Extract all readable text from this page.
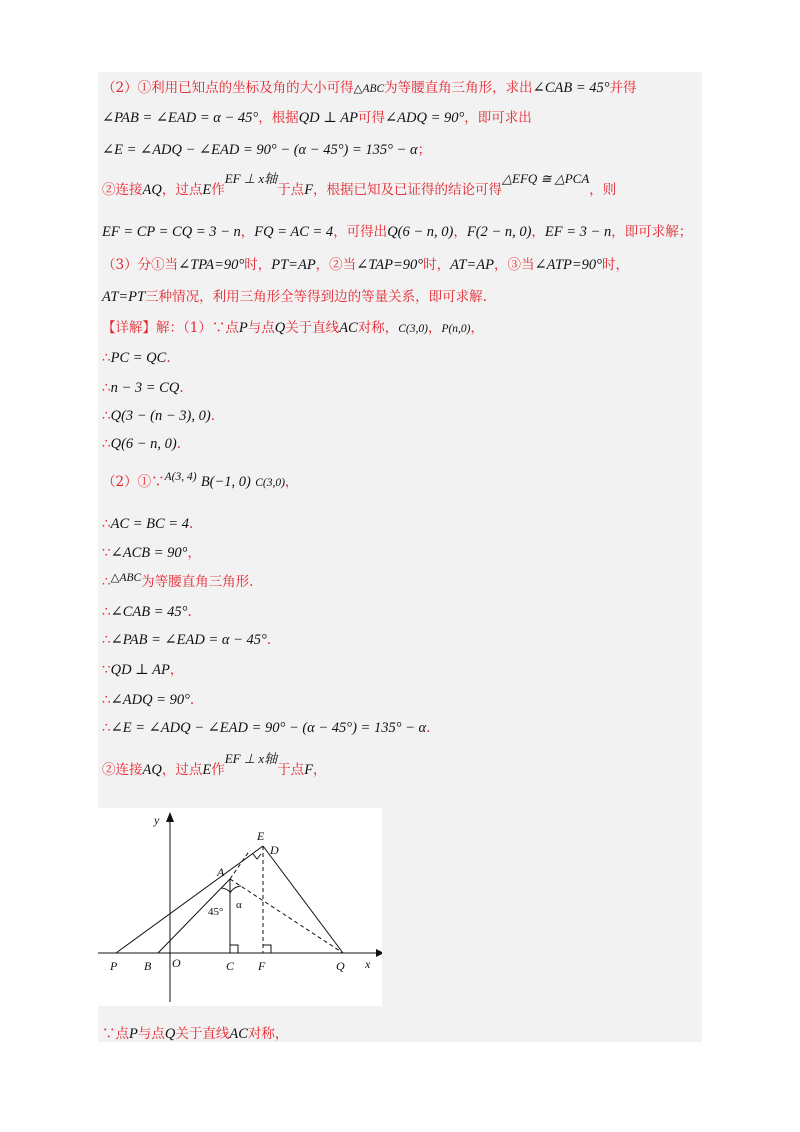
（2）①利用已知点的坐标及角的大小可得△ABC为等腰直角三角形，求出∠CAB = 45°并得
∠PAB = ∠EAD = α − 45°，根据QD ⊥ AP可得∠ADQ = 90°，即可求出
∠E = ∠ADQ − ∠EAD = 90° − (α − 45°) = 135° − α；
②连接AQ，过点E作EF ⊥ x轴于点F，根据已知及已证得的结论可得△EFQ ≅ △PCA，则
EF = CP = CQ = 3 − n，FQ = AC = 4，可得出Q(6 − n, 0)，F(2 − n, 0)，EF = 3 − n，即可求解；
（3）分①当∠TPA=90°时，PT=AP，②当∠TAP=90°时，AT=AP，③当∠ATP=90°时，
AT=PT三种情况，利用三角形全等得到边的等量关系，即可求解.
【详解】解：（1）∵点P与点Q关于直线AC对称，C(3,0)，P(n,0)，
∴PC = QC.
∴n − 3 = CQ.
∴Q(3 − (n − 3), 0).
∴Q(6 − n, 0).
（2）①∵A(3, 4) B(−1, 0) C(3,0)，
∴AC = BC = 4.
∵∠ACB = 90°，
∴△ABC为等腰直角三角形.
∴∠CAB = 45°.
∴∠PAB = ∠EAD = α − 45°.
∵QD ⊥ AP，
∴∠ADQ = 90°.
∴∠E = ∠ADQ − ∠EAD = 90° − (α − 45°) = 135° − α.
②连接AQ，过点E作EF ⊥ x轴于点F，
y
x
E
D
A
α
45°
P B O	C F	Q
∵点P与点Q关于直线AC对称，
